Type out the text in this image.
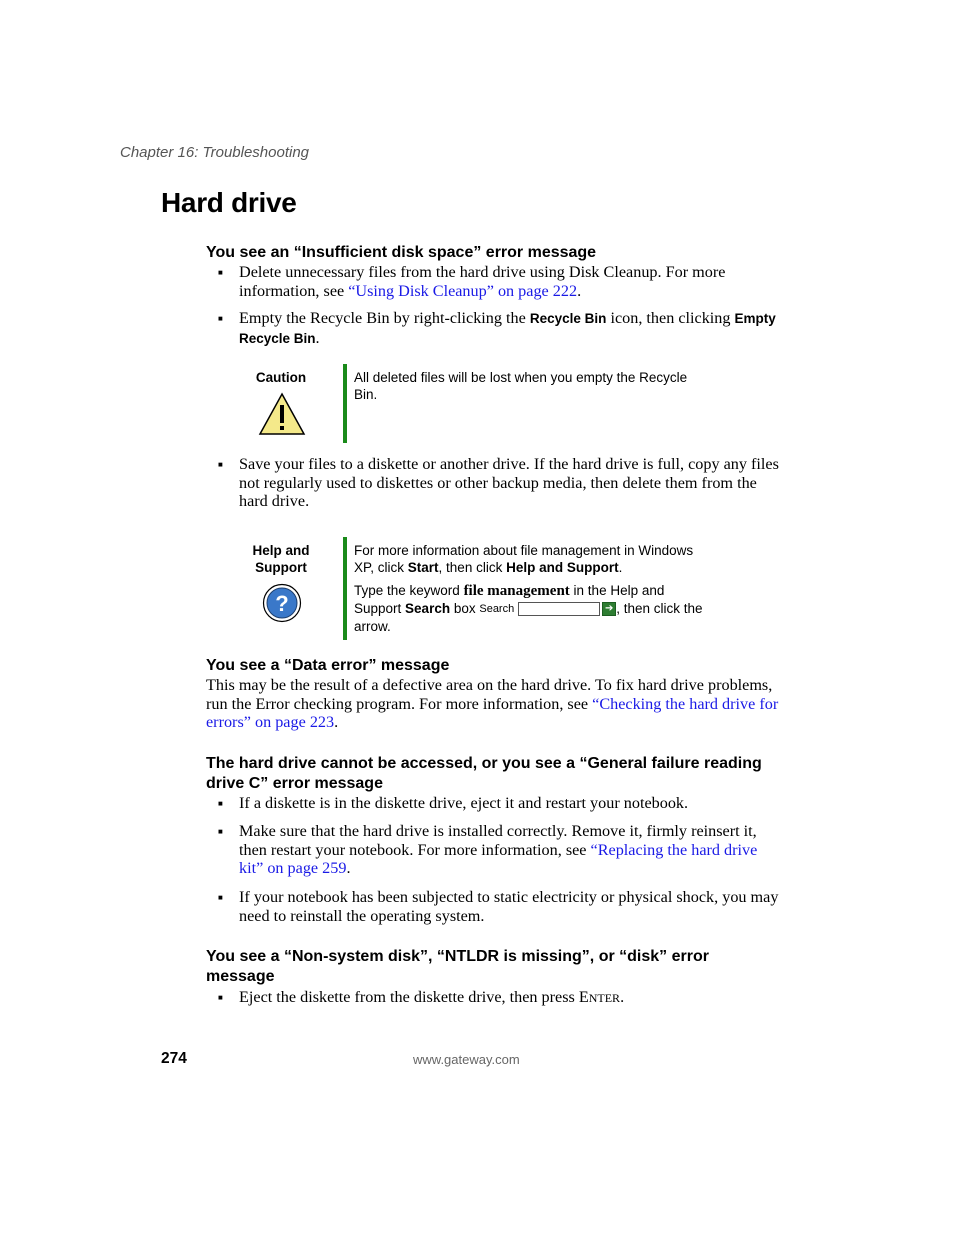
Chapter 16: Troubleshooting
Hard drive
You see an “Insufficient disk space” error message
■ Delete unnecessary files from the hard drive using Disk Cleanup. For more information, see “Using Disk Cleanup” on page 222.
■ Empty the Recycle Bin by right-clicking the Recycle Bin icon, then clicking Empty Recycle Bin.
Caution	All deleted files will be lost when you empty the Recycle Bin.
■ Save your files to a diskette or another drive. If the hard drive is full, copy any files not regularly used to diskettes or other backup media, then delete them from the hard drive.
Help and
Support
?
For more information about file management in Windows XP, click Start, then click Help and Support.
Type the keyword file management in the Help and Support Search box Search	➔ , then click the arrow.
You see a “Data error” message
This may be the result of a defective area on the hard drive. To fix hard drive problems, run the Error checking program. For more information, see “Checking the hard drive for errors” on page 223.
The hard drive cannot be accessed, or you see a “General failure reading drive C” error message
■ If a diskette is in the diskette drive, eject it and restart your notebook.
■ Make sure that the hard drive is installed correctly. Remove it, firmly reinsert it, then restart your notebook. For more information, see “Replacing the hard drive kit” on page 259.
■ If your notebook has been subjected to static electricity or physical shock, you may need to reinstall the operating system.
You see a “Non-system disk”, “NTLDR is missing”, or “disk” error message
■ Eject the diskette from the diskette drive, then press ENTER.
274	www.gateway.com
